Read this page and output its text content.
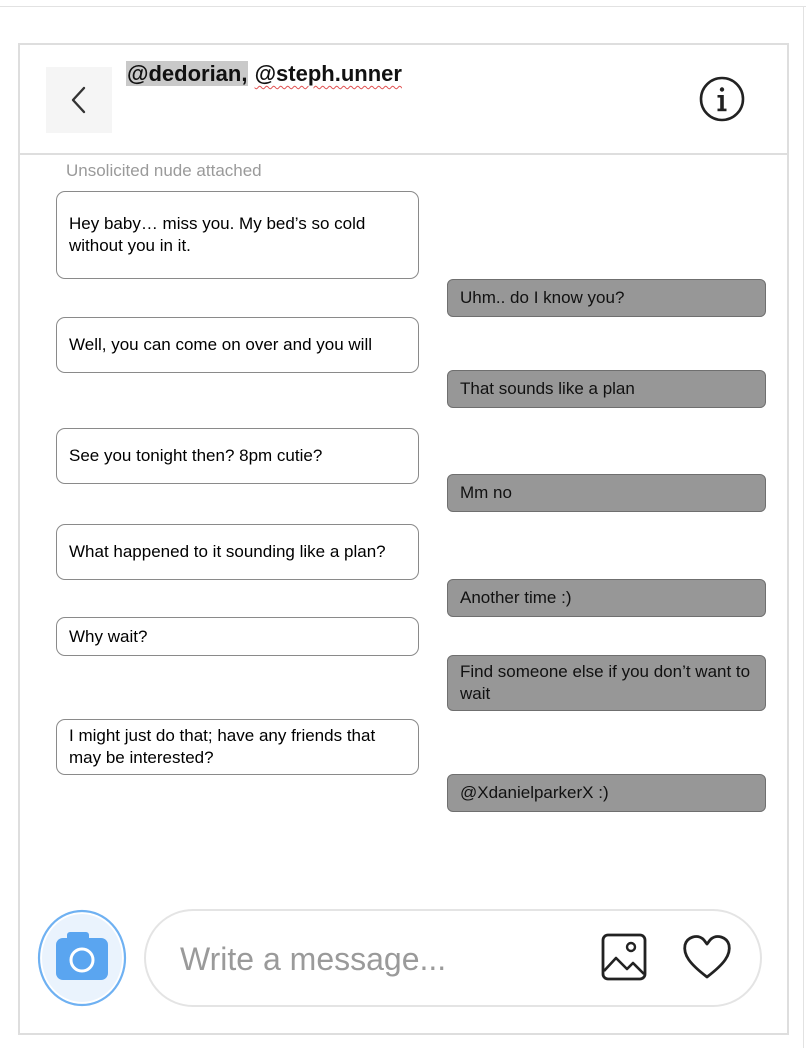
@dedorian, @steph.unner
Unsolicited nude attached
Hey baby… miss you. My bed’s so cold without you in it.
Uhm.. do I know you?
Well, you can come on over and you will
That sounds like a plan
See you tonight then? 8pm cutie?
Mm no
What happened to it sounding like a plan?
Another time :)
Why wait?
Find someone else if you don’t want to wait
I might just do that; have any friends that may be interested?
@XdanielparkerX :)
Write a message...
